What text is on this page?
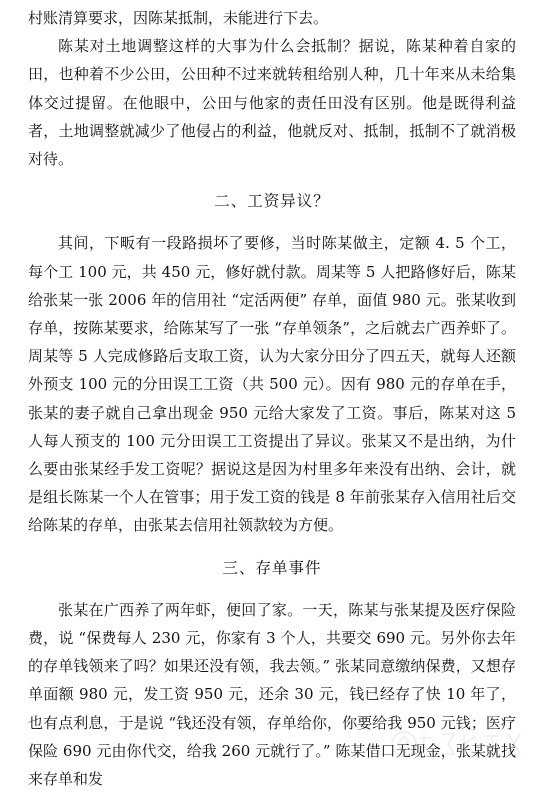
村账清算要求，因陈某抵制，未能进行下去。

陈某对土地调整这样的大事为什么会抵制？据说，陈某种着自家的田，也种着不少公田，公田种不过来就转租给别人种，几十年来从未给集体交过提留。在他眼中，公田与他家的责任田没有区别。他是既得利益者，土地调整就减少了他侵占的利益，他就反对、抵制，抵制不了就消极对待。

二、工资异议？

其间，下畈有一段路损坏了要修，当时陈某做主，定额 4. 5 个工，每个工 100 元，共 450 元，修好就付款。周某等 5 人把路修好后，陈某给张某一张 2006 年的信用社 “定活两便” 存单，面值 980 元。张某收到存单，按陈某要求，给陈某写了一张 “存单领条”，之后就去广西养虾了。周某等 5 人完成修路后支取工资，认为大家分田分了四五天，就每人还额外预支 100 元的分田误工工资（共 500 元）。因有 980 元的存单在手，张某的妻子就自己拿出现金 950 元给大家发了工资。事后，陈某对这 5 人每人预支的 100 元分田误工工资提出了异议。张某又不是出纳，为什么要由张某经手发工资呢？据说这是因为村里多年来没有出纳、会计，就是组长陈某一个人在管事；用于发工资的钱是 8 年前张某存入信用社后交给陈某的存单，由张某去信用社领款较为方便。

三、存单事件

张某在广西养了两年虾，便回了家。一天，陈某与张某提及医疗保险费，说 “保费每人 230 元，你家有 3 个人，共要交 690 元。另外你去年的存单钱领来了吗？如果还没有领，我去领。” 张某同意缴纳保费，又想存单面额 980 元，发工资 950 元，还余 30 元，钱已经存了快 10 年了，也有点利息，于是说 “钱还没有领，存单给你，你要给我 950 元钱；医疗保险 690 元由你代交，给我 260 元就行了。” 陈某借口无现金，张某就找来存单和发
